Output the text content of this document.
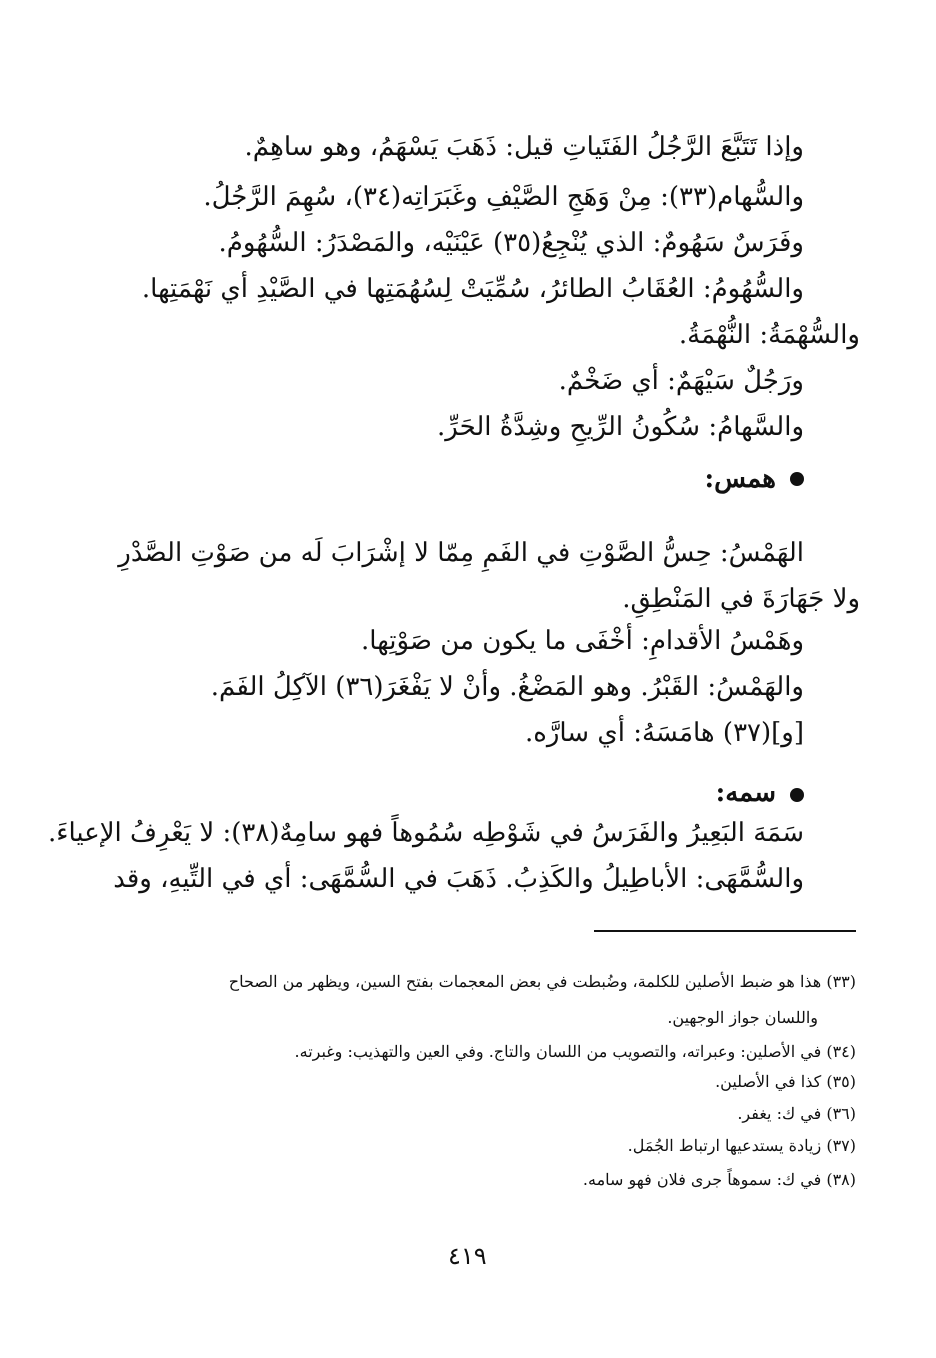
وإذا تَتَبَّعَ الرَّجُلُ الفَتَياتِ قيل: ذَهَبَ يَسْهَمُ، وهو ساهِمٌ.
والسُّهام(٣٣): مِنْ وَهَجِ الصَّيْفِ وغَبَرَاتِه(٣٤)، سُهِمَ الرَّجُلُ.
وفَرَسٌ سَهُومٌ: الذي يُنْجِعُ(٣٥) عَيْنَيْه، والمَصْدَرُ: السُّهُومُ.
والسُّهُومُ: العُقَابُ الطائرُ، سُمِّيَتْ لِسُهُمَتِها في الصَّيْدِ أي نَهْمَتِها.
والسُّهْمَةُ: النُّهْمَةُ.
ورَجُلٌ سَيْهَمٌ: أي ضَخْمٌ.
والسَّهامُ: سُكُونُ الرِّيحِ وشِدَّةُ الحَرِّ.
همس:
الهَمْسُ: حِسُّ الصَّوْتِ في الفَمِ مِمّا لا إشْرَابَ لَه من صَوْتِ الصَّدْرِ
ولا جَهَارَةَ في المَنْطِقِ.
وهَمْسُ الأقدامِ: أخْفَى ما يكون من صَوْتِها.
والهَمْسُ: القَبْرُ. وهو المَضْغُ. وأنْ لا يَفْغَرَ(٣٦) الآكِلُ الفَمَ.
[و](٣٧) هامَسَهُ: أي سارَّه.
سمه:
سَمَهَ البَعِيرُ والفَرَسُ في شَوْطِه سُمُوهاً فهو سامِهٌ(٣٨): لا يَعْرِفُ الإعياءَ.
والسُّمَّهَى: الأباطِيلُ والكَذِبُ. ذَهَبَ في السُّمَّهَى: أي في التِّيهِ، وقد
(٣٣) هذا هو ضبط الأصلين للكلمة، وضُبطت في بعض المعجمات بفتح السين، ويظهر من الصحاح
واللسان جواز الوجهين.
(٣٤) في الأصلين: وعبراته، والتصويب من اللسان والتاج. وفي العين والتهذيب: وغبرته.
(٣٥) كذا في الأصلين.
(٣٦) في ك: يغفر.
(٣٧) زيادة يستدعيها ارتباط الجُمَل.
(٣٨) في ك: سموهاً جرى فلان فهو سامه.
٤١٩
